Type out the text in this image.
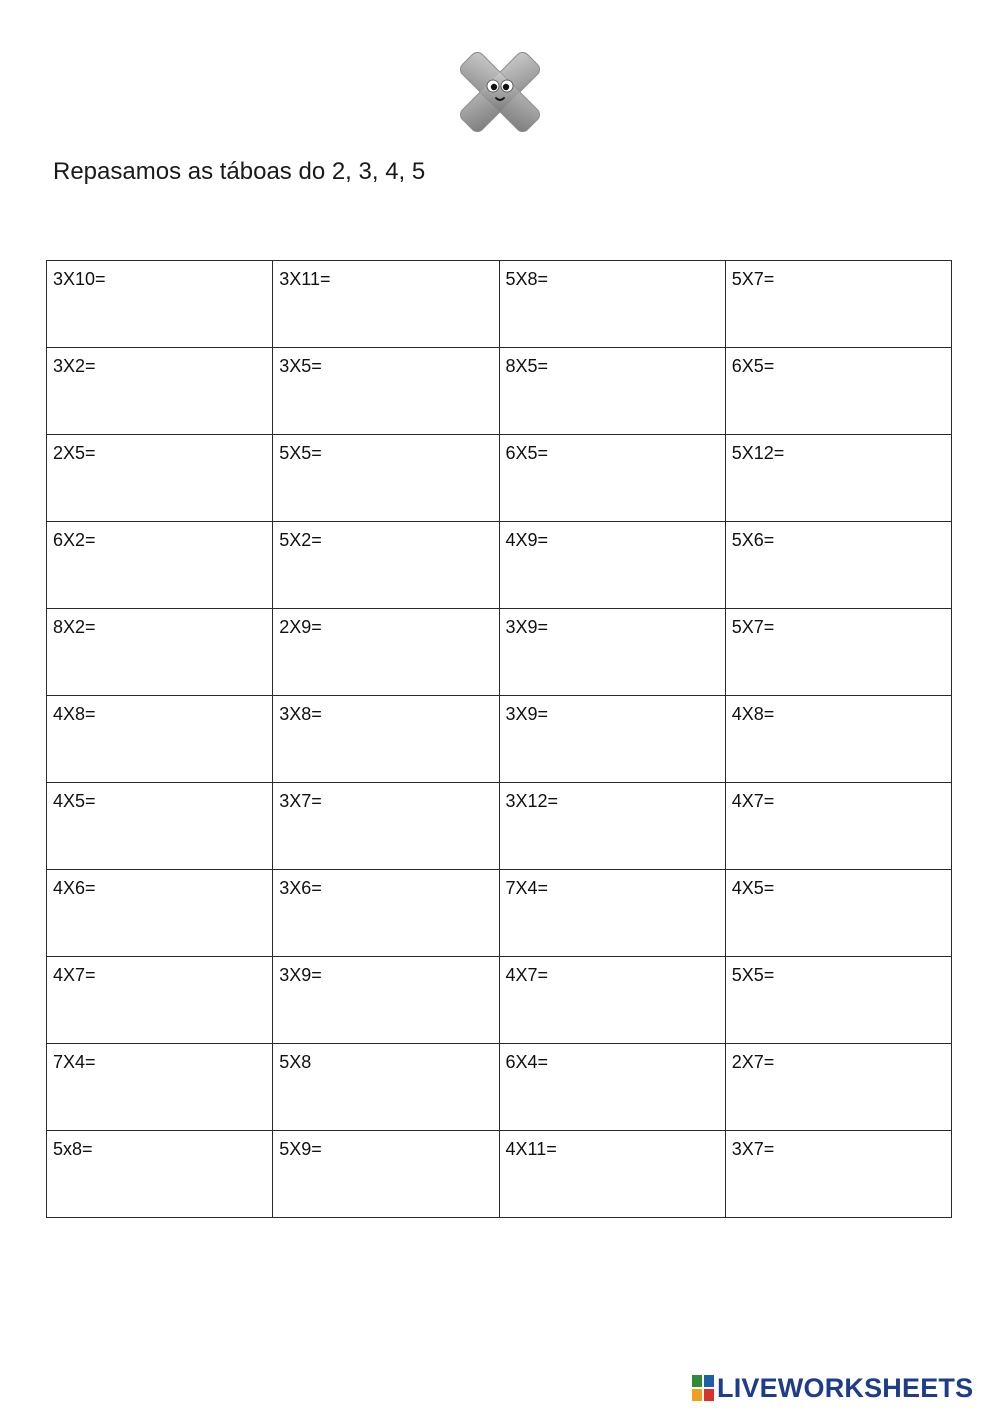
Repasamos as táboas do 2, 3, 4, 5
3X10=	3X11=	5X8=	5X7=

3X2=	3X5=	8X5=	6X5=

2X5=	5X5=	6X5=	5X12=

6X2=	5X2=	4X9=	5X6=

8X2=	2X9=	3X9=	5X7=

4X8=	3X8=	3X9=	4X8=

4X5=	3X7=	3X12=	4X7=

4X6=	3X6=	7X4=	4X5=

4X7=	3X9=	4X7=	5X5=

7X4=	5X8	6X4=	2X7=

5x8=	5X9=	4X11=	3X7=
LIVEWORKSHEETS
